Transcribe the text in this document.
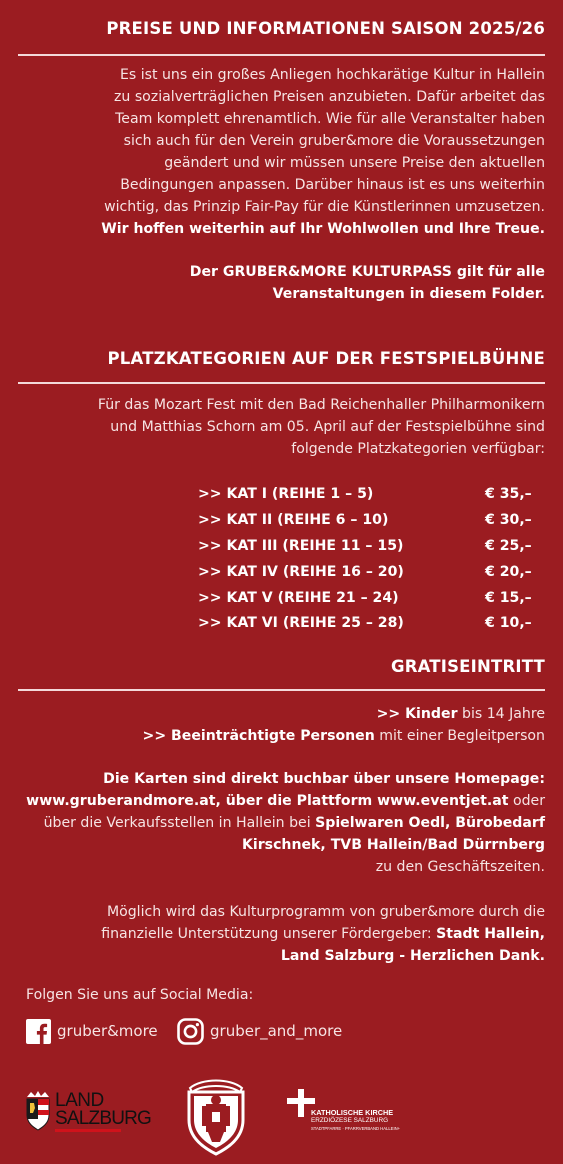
PREISE UND INFORMATIONEN SAISON 2025/26
Es ist uns ein großes Anliegen hochkarätige Kultur in Hallein
zu sozialverträglichen Preisen anzubieten. Dafür arbeitet das
Team komplett ehrenamtlich. Wie für alle Veranstalter haben
sich auch für den Verein gruber&more die Voraussetzungen
geändert und wir müssen unsere Preise den aktuellen
Bedingungen anpassen. Darüber hinaus ist es uns weiterhin
wichtig, das Prinzip Fair-Pay für die Künstlerinnen umzusetzen.
Wir hoffen weiterhin auf Ihr Wohlwollen und Ihre Treue.
Der GRUBER&MORE KULTURPASS gilt für alle
Veranstaltungen in diesem Folder.
PLATZKATEGORIEN AUF DER FESTSPIELBÜHNE
Für das Mozart Fest mit den Bad Reichenhaller Philharmonikern
und Matthias Schorn am 05. April auf der Festspielbühne sind
folgende Platzkategorien verfügbar:
>> KAT I (REIHE 1 – 5)	€ 35,–
>> KAT II (REIHE 6 – 10)	€ 30,–
>> KAT III (REIHE 11 – 15)	€ 25,–
>> KAT IV (REIHE 16 – 20)	€ 20,–
>> KAT V (REIHE 21 – 24)	€ 15,–
>> KAT VI (REIHE 25 – 28)	€ 10,–
GRATISEINTRITT
>> Kinder bis 14 Jahre
>> Beeinträchtigte Personen mit einer Begleitperson
Die Karten sind direkt buchbar über unsere Homepage:
www.gruberandmore.at, über die Plattform www.eventjet.at oder
über die Verkaufsstellen in Hallein bei Spielwaren Oedl, Bürobedarf
Kirschnek, TVB Hallein/Bad Dürrnberg
zu den Geschäftszeiten.
Möglich wird das Kulturprogramm von gruber&more durch die
finanzielle Unterstützung unserer Fördergeber: Stadt Hallein,
Land Salzburg - Herzlichen Dank.
Folgen Sie uns auf Social Media:
gruber&more	gruber_and_more
LAND
SALZBURG	KATHOLISCHE KIRCHE
ERZDIÖZESE SALZBURG
STADTPFARRE · PFARRVERBAND HALLEIN+
